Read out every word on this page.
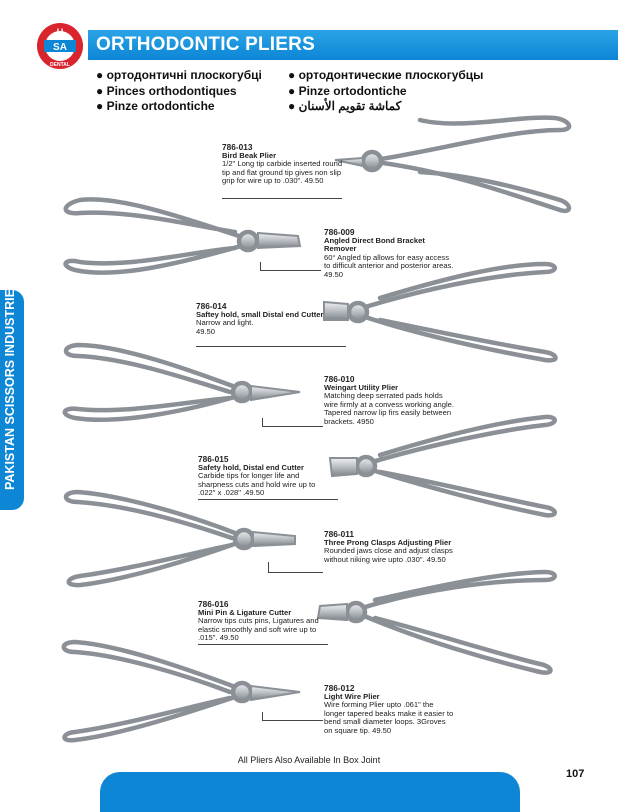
ORTHODONTIC PLIERS
U
SA
DENTAL
● ортодонтичні плоскогубці
● Pinces orthodontiques
● Pinze ortodontiche
● ортодонтические плоскогубцы
● Pinze ortodontiche
● كماشة تقويم الأسنان
PAKISTAN SCISSORS INDUSTRIES
786-013
Bird Beak Plier
1/2" Long tip carbide inserted round tip and flat ground tip gives non slip grip for wire up to .030". 49.50
786-009
Angled Direct Bond Bracket Remover
60° Angled tip allows for easy access to difficult anterior and posterior areas. 49.50
786-014
Saftey hold, small Distal end Cutter
Narrow and light. 49.50
786-010
Weingart Utility Plier
Matching deep serrated pads holds wire firmly at a convess working angle. Tapered narrow lip firs easily between brackets. 4950
786-015
Safety hold, Distal end Cutter
Carbide tips for longer life and sharpness cuts and hold wire up to .022" x .028" .49.50
786-011
Three Prong Clasps Adjusting Plier
Rounded jaws close and adjust clasps without niking wire upto .030". 49.50
786-016
Mini Pin & Ligature Cutter
Narrow tips cuts pins, Ligatures and elastic smoothly and soft wire up to .015". 49.50
786-012
Light Wire Plier
Wire forming Plier upto .061" the longer tapered beaks make it easier to bend small diameter loops. 3Groves on square tip. 49.50
All Pliers Also Available In Box Joint
107
